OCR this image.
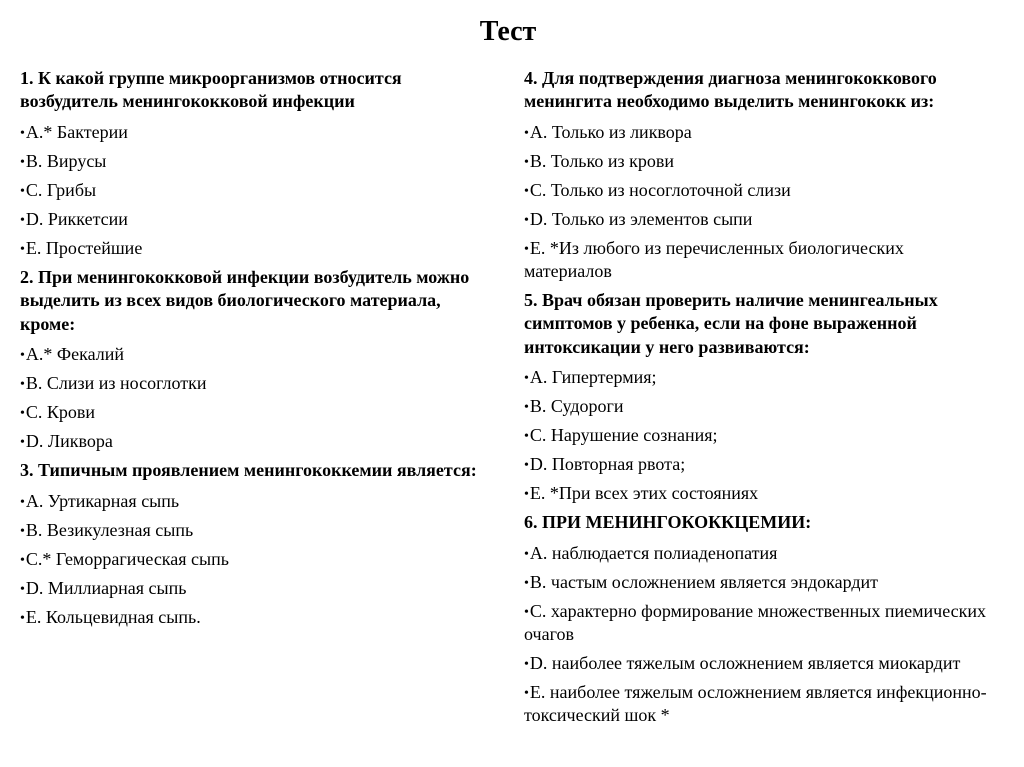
Тест
1. К какой группе микроорганизмов относится возбудитель менингококковой инфекции
•А.* Бактерии
•В. Вирусы
•С. Грибы
•D. Риккетсии
•Е. Простейшие
2. При менингококковой инфекции возбудитель можно выделить из всех видов биологического материала, кроме:
•А.* Фекалий
•В. Слизи из носоглотки
•С. Крови
•D. Ликвора
3. Типичным проявлением менингококкемии является:
•А. Уртикарная сыпь
•В. Везикулезная сыпь
•С.* Геморрагическая сыпь
•D. Миллиарная сыпь
•Е. Кольцевидная сыпь.
4. Для подтверждения диагноза менингококкового менингита необходимо выделить менингококк из:
•А. Только из ликвора
•В. Только из крови
•С. Только из носоглоточной слизи
•D. Только из элементов сыпи
•Е. *Из любого из перечисленных биологических материалов
5. Врач обязан проверить наличие менингеальных симптомов у ребенка, если на фоне выраженной интоксикации у него развиваются:
•А. Гипертермия;
•В. Судороги
•С. Нарушение сознания;
•D. Повторная рвота;
•Е. *При всех этих состояниях
6. ПРИ МЕНИНГОКОККЦЕМИИ:
•А. наблюдается полиаденопатия
•В. частым осложнением является эндокардит
•С. характерно формирование множественных пиемических очагов
•D. наиболее тяжелым осложнением является миокардит
•Е. наиболее тяжелым осложнением является инфекционно-токсический шок *
